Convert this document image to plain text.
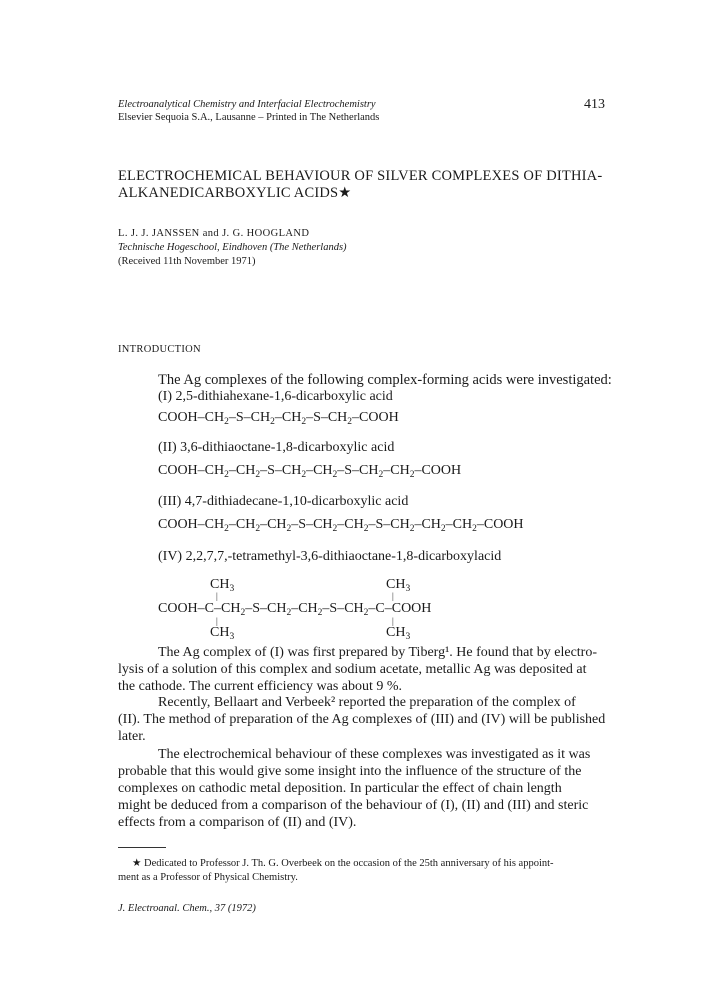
Electroanalytical Chemistry and Interfacial Electrochemistry
Elsevier Sequoia S.A., Lausanne – Printed in The Netherlands
413
ELECTROCHEMICAL BEHAVIOUR OF SILVER COMPLEXES OF DITHIA-
ALKANEDICARBOXYLIC ACIDS★
L. J. J. JANSSEN and J. G. HOOGLAND
Technische Hogeschool, Eindhoven (The Netherlands)
(Received 11th November 1971)
INTRODUCTION
The Ag complexes of the following complex-forming acids were investigated:
(I) 2,5-dithiahexane-1,6-dicarboxylic acid
COOH–$CH_2-S-CH_2-CH_2-S-CH_2$–COOH
(II) 3,6-dithiaoctane-1,8-dicarboxylic acid
COOH–$CH_2-CH_2-S-CH_2-CH_2-S-CH_2-CH_2$–COOH
(III) 4,7-dithiadecane-1,10-dicarboxylic acid
COOH–$CH_2-CH_2-CH_2-S-CH_2-CH_2-S-CH_2-CH_2-CH_2$–COOH
(IV) 2,2,7,7,-tetramethyl-3,6-dithiaoctane-1,8-dicarboxylacid
$CH_3$	$CH_3$
|	|
COOH–$C-CH_2-S-CH_2-CH_2-S-CH_2-C$–COOH
|	|
$CH_3$	$CH_3$
The Ag complex of (I) was first prepared by Tiberg¹. He found that by electro-
lysis of a solution of this complex and sodium acetate, metallic Ag was deposited at
the cathode. The current efficiency was about 9 %.
Recently, Bellaart and Verbeek² reported the preparation of the complex of
(II). The method of preparation of the Ag complexes of (III) and (IV) will be published
later.
The electrochemical behaviour of these complexes was investigated as it was
probable that this would give some insight into the influence of the structure of the
complexes on cathodic metal deposition. In particular the effect of chain length
might be deduced from a comparison of the behaviour of (I), (II) and (III) and steric
effects from a comparison of (II) and (IV).
★ Dedicated to Professor J. Th. G. Overbeek on the occasion of the 25th anniversary of his appoint-
ment as a Professor of Physical Chemistry.
J. Electroanal. Chem., 37 (1972)
